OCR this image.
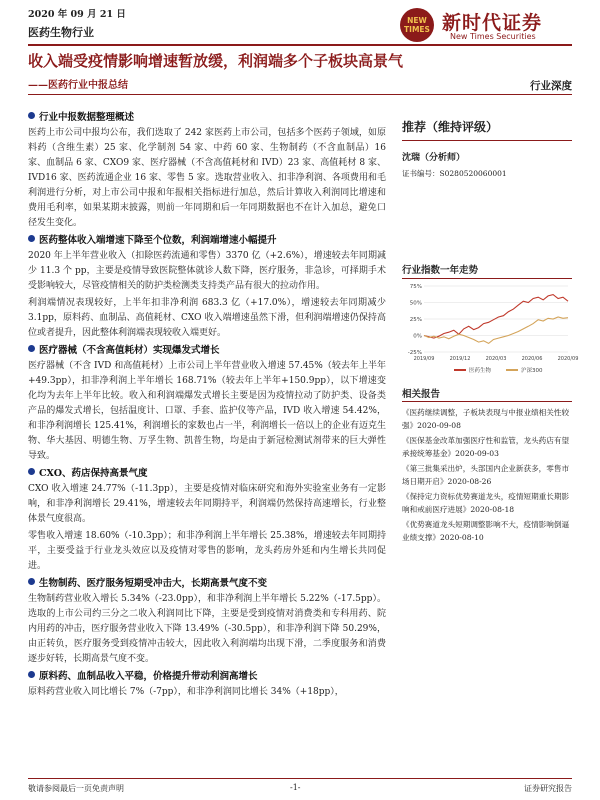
2020 年 09 月 21 日
医药生物行业
NEW TIMES 新时代证券
New Times Securities
收入端受疫情影响增速暂放缓，利润端多个子板块高景气
——医药行业中报总结	行业深度
行业中报数据整理概述

医药上市公司中报均公布，我们选取了 242 家医药上市公司，包括多个医药子领域，如原料药（含维生素）25 家、化学制剂 54 家、中药 60 家、生物制药（不含血制品）16 家、血制品 6 家、CXO9 家、医疗器械（不含高值耗材和 IVD）23 家、高值耗材 8 家、IVD16 家、医药流通企业 16 家、零售 5 家。选取营业收入、扣非净利润、各项费用和毛利润进行分析，对上市公司中报和年报相关指标进行加总，然后计算收入利润同比增速和费用毛利率，如果某期末披露，则前一年同期和后一年同期数据也不在计入加总，避免口径发生变化。

医药整体收入端增速下降至个位数，利润端增速小幅提升

2020 年上半年营业收入（扣除医药流通和零售）3370 亿（+2.6%），增速较去年同期减少 11.3 个 pp，主要是疫情导致医院整体就诊人数下降，医疗服务，非急诊，可择期手术受影响较大，尽管疫情相关的防护类检测类支持类产品有很大的拉动作用。

利润端情况表现较好，上半年扣非净利润 683.3 亿（+17.0%），增速较去年同期减少 3.1pp，原料药、血制品、高值耗材、CXO 收入端增速虽然下滑，但利润端增速仍保持高位或者提升，因此整体利润端表现较收入端更好。

医疗器械（不含高值耗材）实现爆发式增长

医疗器械（不含 IVD 和高值耗材）上市公司上半年营业收入增速 57.45%（较去年上半年+49.3pp），扣非净利润上半年增长 168.71%（较去年上半年+150.9pp），以下增速变化均为去年上半年比较。收入和利润端爆发式增长主要是因为疫情拉动了防护类、设备类产品的爆发式增长，包括温度计、口罩、手套、监护仪等产品，IVD 收入增速 54.42%，和非净利润增长 125.41%，利润增长的家数也占一半，利润增长一倍以上的企业有迈克生物、华大基因、明德生物、万孚生物、凯普生物，均是由于新冠检测试剂带来的巨大弹性导致。

CXO、药店保持高景气度

CXO 收入增速 24.77%（-11.3pp），主要是疫情对临床研究和海外实验室业务有一定影响，和非净利润增长 29.41%，增速较去年同期持平，利润端仍然保持高速增长，行业整体景气度很高。

零售收入增速 18.60%（-10.3pp）；和非净利润上半年增长 25.38%，增速较去年同期持平，主要受益于行业龙头效应以及疫情对零售的影响，龙头药房外延和内生增长共同促进。

生物制药、医疗服务短期受冲击大，长期高景气度不变

生物制药营业收入增长 5.34%（-23.0pp），和非净利润上半年增长 5.22%（-17.5pp）。选取的上市公司约三分之二收入利润同比下降，主要是受到疫情对消费类和专科用药、院内用药的冲击，医疗服务营业收入下降 13.49%（-30.5pp），和非净利润下降 50.29%，由正转负，医疗服务受到疫情冲击较大，因此收入利润端均出现下滑，二季度服务和消费逐步好转，长期高景气度不变。

原料药、血制品收入平稳，价格提升带动利润高增长

原料药营业收入同比增长 7%（-7pp），和非净利润同比增长 34%（+18pp），

推荐（维持评级）
沈瑞（分析师）
证书编号：S0280520060001
行业指数一年走势
75%
50%
25%
0%
-25%
2019/09	2019/12	2020/03	2020/06	2020/09
医药生物	沪深300
相关报告
《医药继续调整，子板块表现与中报业绩相关性较强》2020-09-08
《医保基金改革加强医疗性和监管，龙头药店有望承接统筹基金》2020-09-03
《第三批集采出炉，头部国内企业新获多，零售市场日期开启》2020-08-26
《保持定力资标优势赛道龙头，疫情短期重长期影响和戒前医疗进展》2020-08-18
《优势赛道龙头短期调整影响不大，疫情影响倒逼业绩支撑》2020-08-10
敬请参阅最后一页免责声明	-1-	证券研究报告
